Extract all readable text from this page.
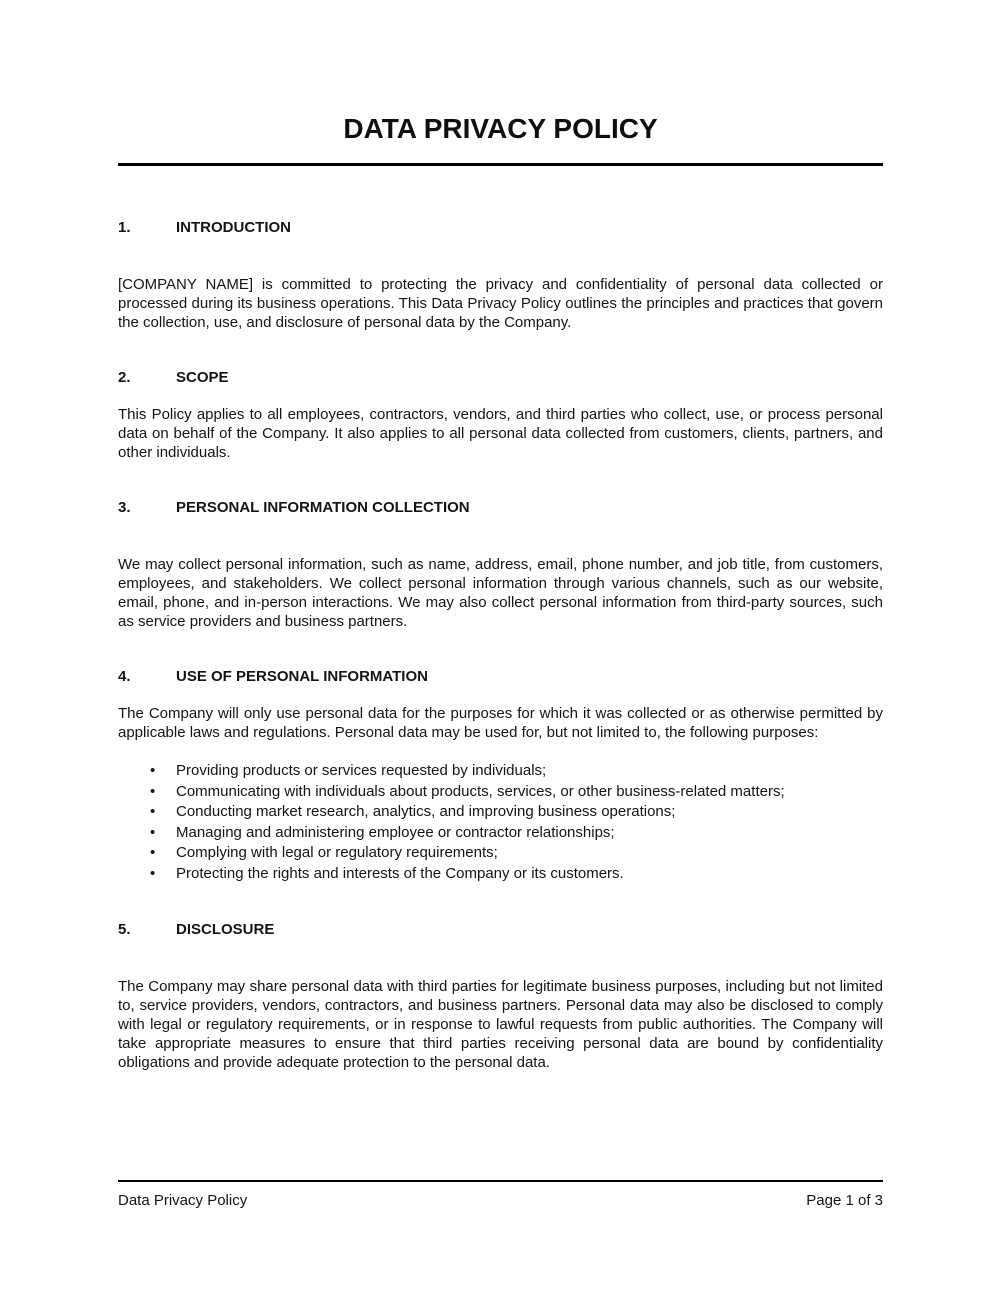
DATA PRIVACY POLICY
1.	INTRODUCTION

[COMPANY NAME] is committed to protecting the privacy and confidentiality of personal data collected or processed during its business operations. This Data Privacy Policy outlines the principles and practices that govern the collection, use, and disclosure of personal data by the Company.

2.	SCOPE

This Policy applies to all employees, contractors, vendors, and third parties who collect, use, or process personal data on behalf of the Company. It also applies to all personal data collected from customers, clients, partners, and other individuals.

3.	PERSONAL INFORMATION COLLECTION

We may collect personal information, such as name, address, email, phone number, and job title, from customers, employees, and stakeholders. We collect personal information through various channels, such as our website, email, phone, and in-person interactions. We may also collect personal information from third-party sources, such as service providers and business partners.

4.	USE OF PERSONAL INFORMATION

The Company will only use personal data for the purposes for which it was collected or as otherwise permitted by applicable laws and regulations. Personal data may be used for, but not limited to, the following purposes:

• Providing products or services requested by individuals;
• Communicating with individuals about products, services, or other business-related matters;
• Conducting market research, analytics, and improving business operations;
• Managing and administering employee or contractor relationships;
• Complying with legal or regulatory requirements;
• Protecting the rights and interests of the Company or its customers.
5.	DISCLOSURE

The Company may share personal data with third parties for legitimate business purposes, including but not limited to, service providers, vendors, contractors, and business partners. Personal data may also be disclosed to comply with legal or regulatory requirements, or in response to lawful requests from public authorities. The Company will take appropriate measures to ensure that third parties receiving personal data are bound by confidentiality obligations and provide adequate protection to the personal data.

Data Privacy Policy	Page 1 of 3
